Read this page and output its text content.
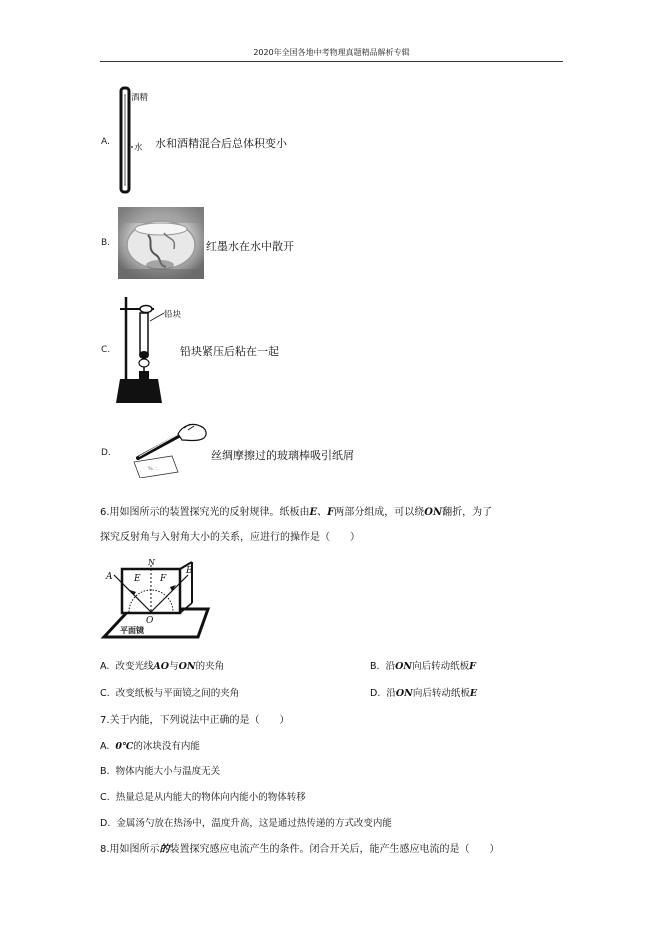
2020年全国各地中考物理真题精品解析专辑
A.
酒精
水 水和酒精混合后总体积变小
B.	红墨水在水中散开
C.
铅块
铅块紧压后粘在一起
D.
% ∴
丝绸摩擦过的玻璃棒吸引纸屑
6.用如图所示的装置探究光的反射规律。纸板由E、F两部分组成，可以绕ON翻折，为了
探究反射角与入射角大小的关系，应进行的操作是（　　）
A
N
B
E F
O
平面镜
A. 改变光线AO与ON的夹角	B. 沿ON向后转动纸板F
C. 改变纸板与平面镜之间的夹角	D. 沿ON向后转动纸板E
7.关于内能，下列说法中正确的是（　　）
A. 0℃的冰块没有内能
B. 物体内能大小与温度无关
C. 热量总是从内能大的物体向内能小的物体转移
D. 金属汤勺放在热汤中，温度升高，这是通过热传递的方式改变内能
8.用如图所示的装置探究感应电流产生的条件。闭合开关后，能产生感应电流的是（　　）
